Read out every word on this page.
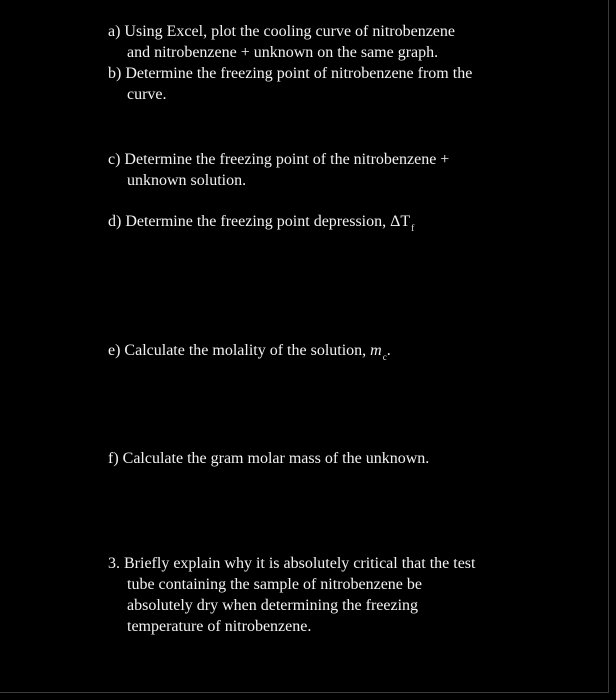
a) Using Excel, plot the cooling curve of nitrobenzene
and nitrobenzene + unknown on the same graph.
b) Determine the freezing point of nitrobenzene from the
curve.
c) Determine the freezing point of the nitrobenzene +
unknown solution.
d) Determine the freezing point depression, $\Delta T_f$
e) Calculate the molality of the solution, $m_c$.
f) Calculate the gram molar mass of the unknown.
3. Briefly explain why it is absolutely critical that the test
tube containing the sample of nitrobenzene be
absolutely dry when determining the freezing
temperature of nitrobenzene.
